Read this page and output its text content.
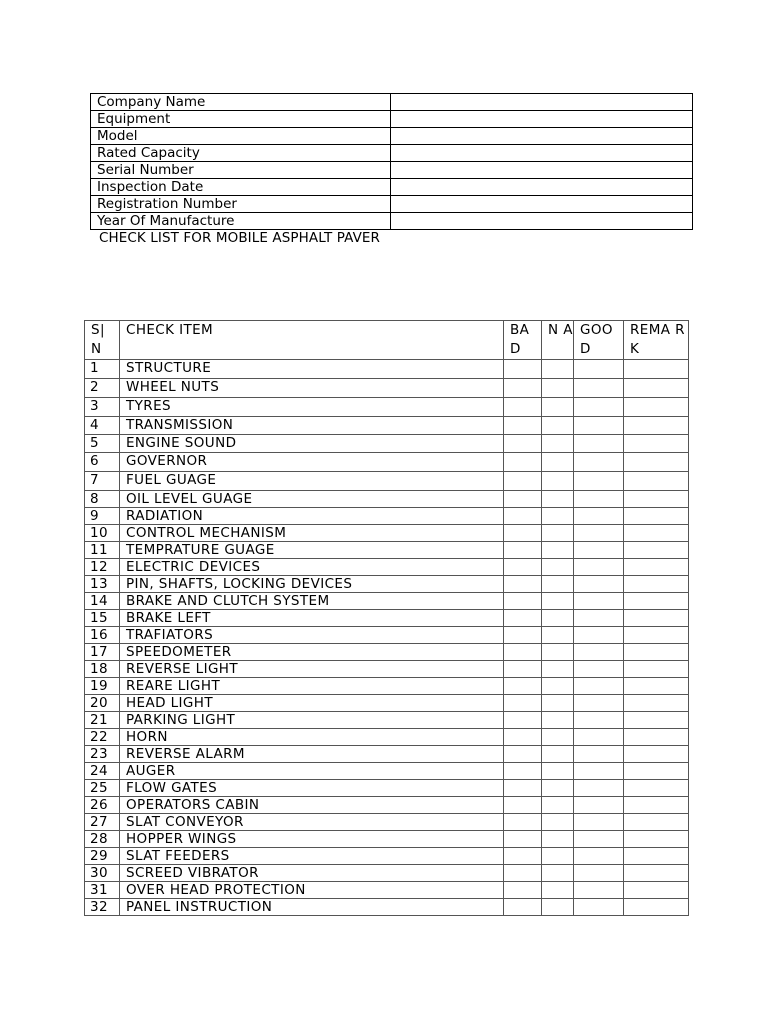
Company Name	
Equipment	
Model	
Rated Capacity	
Serial Number	
Inspection Date	
Registration Number	
Year Of Manufacture	
CHECK LIST FOR MOBILE ASPHALT PAVER
S| N	CHECK ITEM	BA D	N A	GOO D	REMA RK
1	STRUCTURE				
2	WHEEL NUTS				
3	TYRES				
4	TRANSMISSION				
5	ENGINE SOUND				
6	GOVERNOR				
7	FUEL GUAGE				
8	OIL LEVEL GUAGE				
9	RADIATION				
10	CONTROL MECHANISM				
11	TEMPRATURE GUAGE				
12	ELECTRIC DEVICES				
13	PIN, SHAFTS, LOCKING DEVICES				
14	BRAKE AND CLUTCH SYSTEM				
15	BRAKE LEFT				
16	TRAFIATORS				
17	SPEEDOMETER				
18	REVERSE LIGHT				
19	REARE LIGHT				
20	HEAD LIGHT				
21	PARKING LIGHT				
22	HORN				
23	REVERSE ALARM				
24	AUGER				
25	FLOW GATES				
26	OPERATORS CABIN				
27	SLAT CONVEYOR				
28	HOPPER WINGS				
29	SLAT FEEDERS				
30	SCREED VIBRATOR				
31	OVER HEAD PROTECTION				
32	PANEL INSTRUCTION				
